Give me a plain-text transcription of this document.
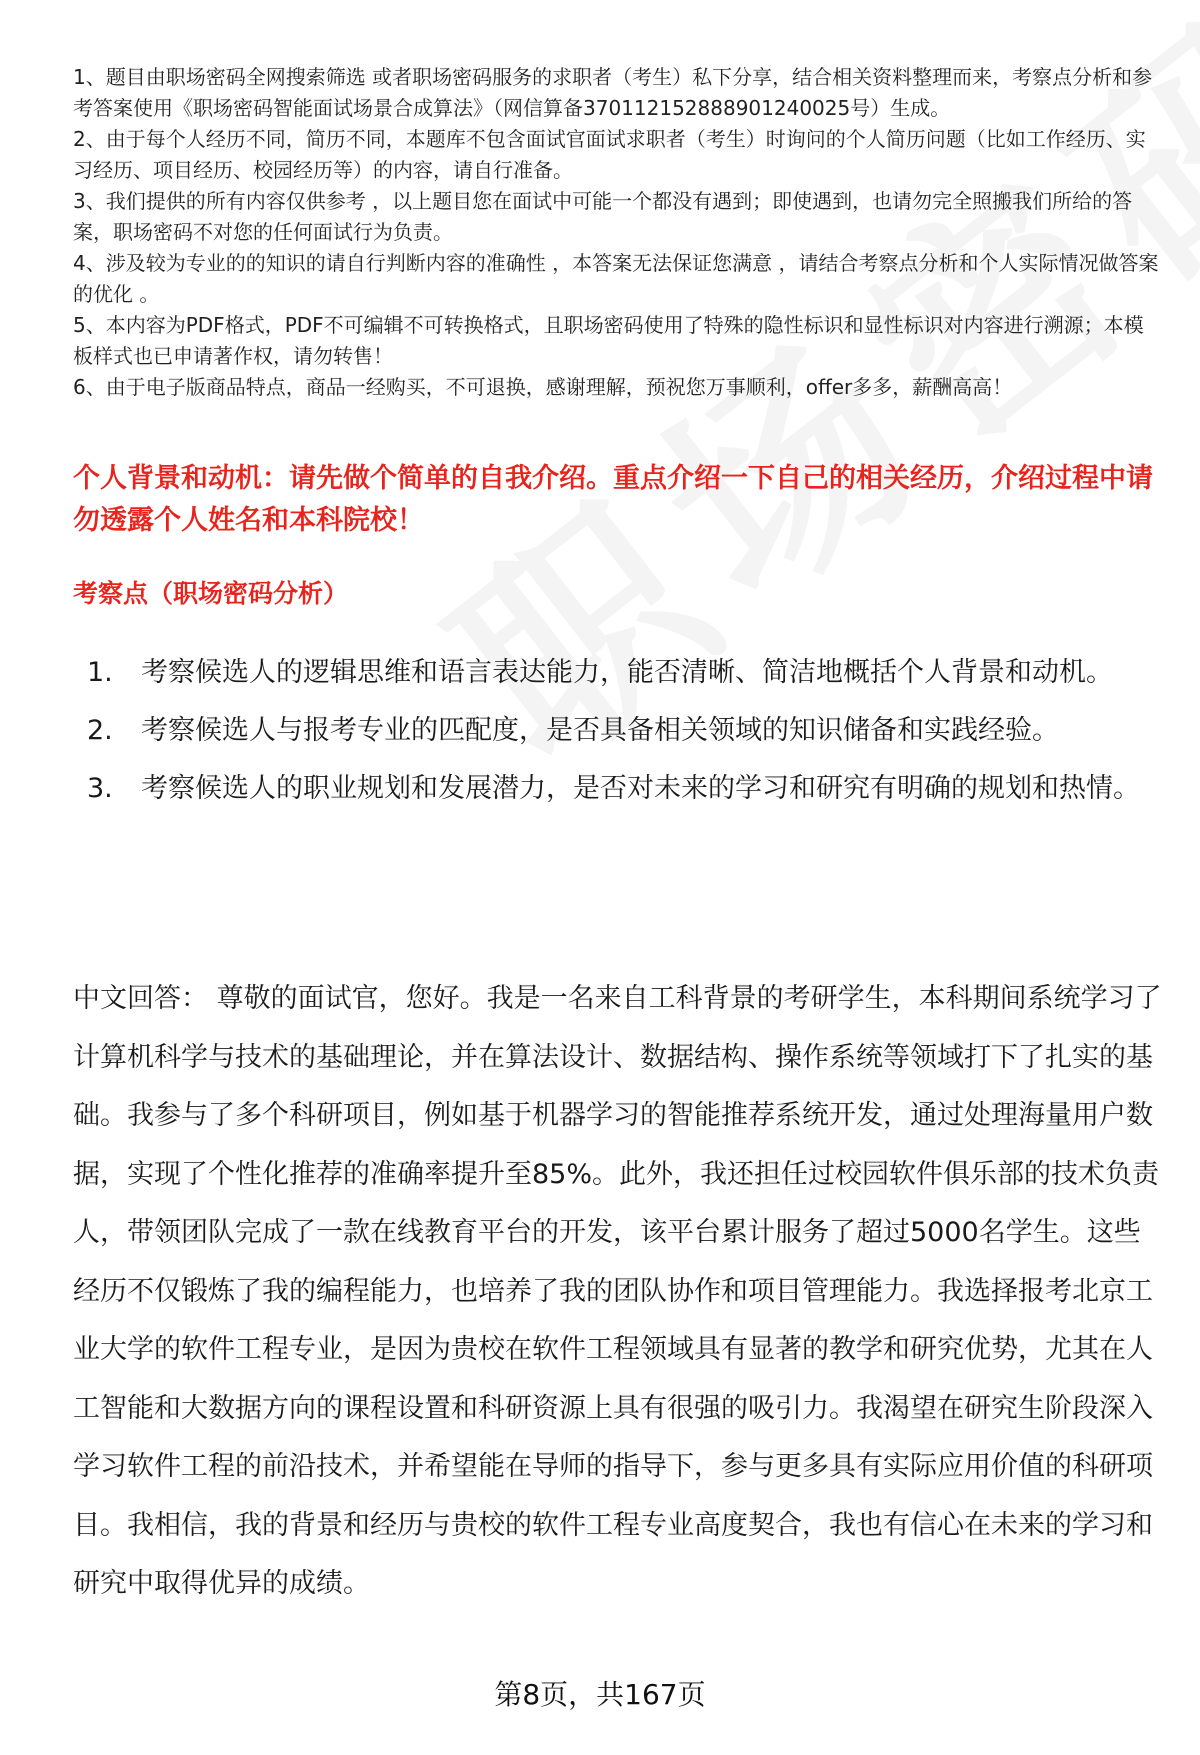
1、题目由职场密码全网搜索筛选 或者职场密码服务的求职者（考生）私下分享，结合相关资料整理而来，考察点分析和参考答案使用《职场密码智能面试场景合成算法》（网信算备370112152888901240025号）生成。
2、由于每个人经历不同，简历不同，本题库不包含面试官面试求职者（考生）时询问的个人简历问题（比如工作经历、实习经历、项目经历、校园经历等）的内容，请自行准备。
3、我们提供的所有内容仅供参考 ，以上题目您在面试中可能一个都没有遇到；即使遇到，也请勿完全照搬我们所给的答案，职场密码不对您的任何面试行为负责。
4、涉及较为专业的的知识的请自行判断内容的准确性 ，本答案无法保证您满意 ，请结合考察点分析和个人实际情况做答案的优化 。
5、本内容为PDF格式，PDF不可编辑不可转换格式，且职场密码使用了特殊的隐性标识和显性标识对内容进行溯源；本模板样式也已申请著作权，请勿转售！
6、由于电子版商品特点，商品一经购买，不可退换，感谢理解，预祝您万事顺利，offer多多，薪酬高高！
个人背景和动机：请先做个简单的自我介绍。重点介绍一下自己的相关经历，介绍过程中请勿透露个人姓名和本科院校！
考察点（职场密码分析）
1.	考察候选人的逻辑思维和语言表达能力，能否清晰、简洁地概括个人背景和动机。
2.	考察候选人与报考专业的匹配度，是否具备相关领域的知识储备和实践经验。
3.	考察候选人的职业规划和发展潜力，是否对未来的学习和研究有明确的规划和热情。

中文回答： 尊敬的面试官，您好。我是一名来自工科背景的考研学生，本科期间系统学习了计算机科学与技术的基础理论，并在算法设计、数据结构、操作系统等领域打下了扎实的基础。我参与了多个科研项目，例如基于机器学习的智能推荐系统开发，通过处理海量用户数据，实现了个性化推荐的准确率提升至85%。此外，我还担任过校园软件俱乐部的技术负责人，带领团队完成了一款在线教育平台的开发，该平台累计服务了超过5000名学生。这些经历不仅锻炼了我的编程能力，也培养了我的团队协作和项目管理能力。我选择报考北京工业大学的软件工程专业，是因为贵校在软件工程领域具有显著的教学和研究优势，尤其在人工智能和大数据方向的课程设置和科研资源上具有很强的吸引力。我渴望在研究生阶段深入学习软件工程的前沿技术，并希望能在导师的指导下，参与更多具有实际应用价值的科研项目。我相信，我的背景和经历与贵校的软件工程专业高度契合，我也有信心在未来的学习和研究中取得优异的成绩。

第8页，共167页
